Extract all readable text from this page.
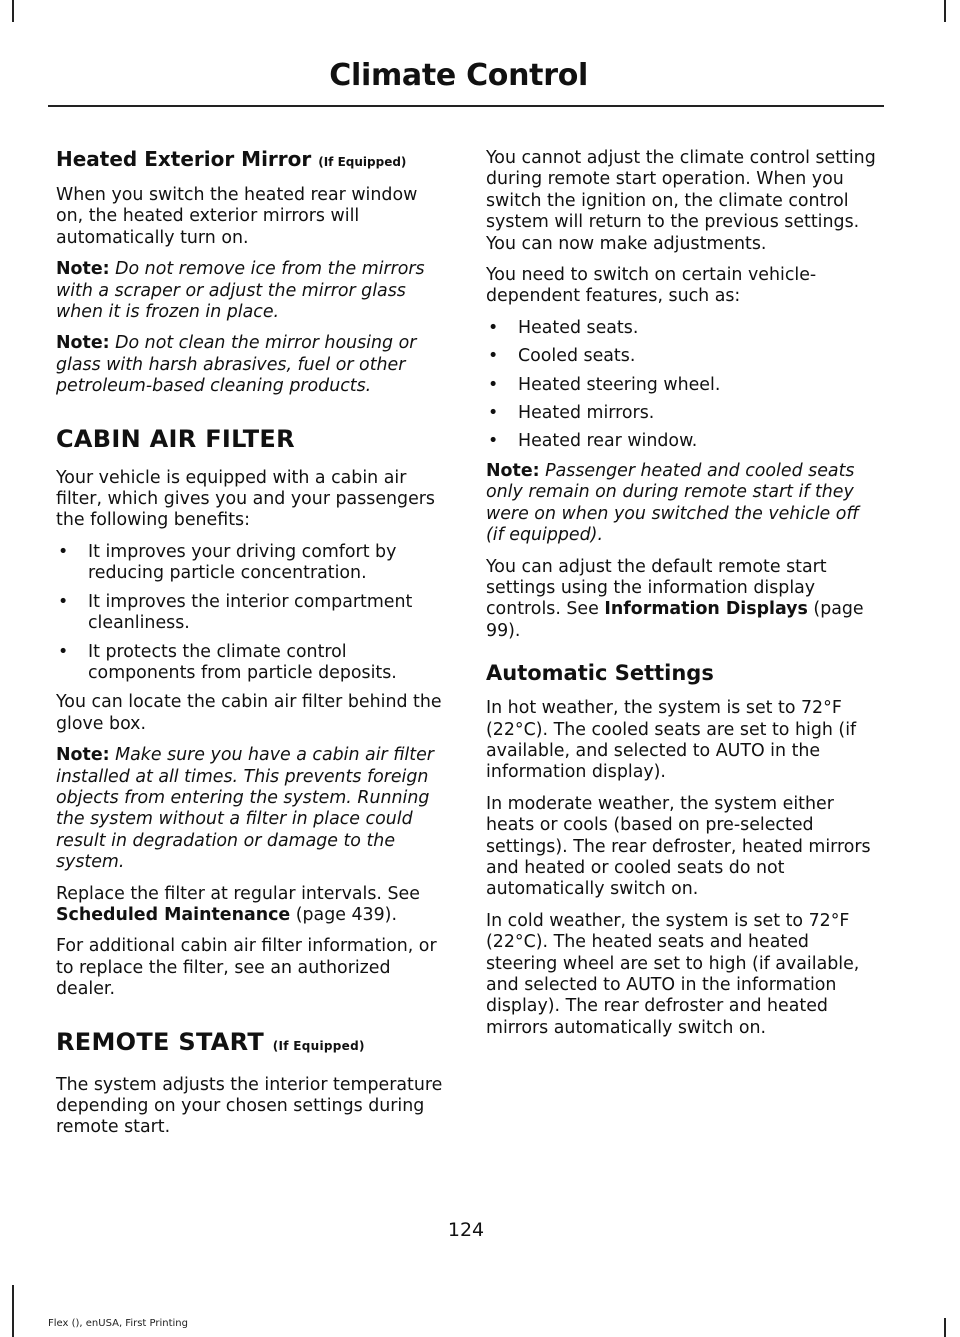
Climate Control
Heated Exterior Mirror (If Equipped)

When you switch the heated rear window on, the heated exterior mirrors will automatically turn on.

Note: Do not remove ice from the mirrors with a scraper or adjust the mirror glass when it is frozen in place.

Note: Do not clean the mirror housing or glass with harsh abrasives, fuel or other petroleum-based cleaning products.

CABIN AIR FILTER

Your vehicle is equipped with a cabin air filter, which gives you and your passengers the following benefits:

• It improves your driving comfort by reducing particle concentration.
• It improves the interior compartment cleanliness.
• It protects the climate control components from particle deposits.

You can locate the cabin air filter behind the glove box.

Note: Make sure you have a cabin air filter installed at all times. This prevents foreign objects from entering the system. Running the system without a filter in place could result in degradation or damage to the system.

Replace the filter at regular intervals. See Scheduled Maintenance (page 439).

For additional cabin air filter information, or to replace the filter, see an authorized dealer.

REMOTE START (If Equipped)

The system adjusts the interior temperature depending on your chosen settings during remote start.

You cannot adjust the climate control setting during remote start operation. When you switch the ignition on, the climate control system will return to the previous settings. You can now make adjustments.

You need to switch on certain vehicle-dependent features, such as:

• Heated seats.
• Cooled seats.
• Heated steering wheel.
• Heated mirrors.
• Heated rear window.

Note: Passenger heated and cooled seats only remain on during remote start if they were on when you switched the vehicle off (if equipped).

You can adjust the default remote start settings using the information display controls. See Information Displays (page 99).

Automatic Settings

In hot weather, the system is set to 72°F (22°C). The cooled seats are set to high (if available, and selected to AUTO in the information display).

In moderate weather, the system either heats or cools (based on pre-selected settings). The rear defroster, heated mirrors and heated or cooled seats do not automatically switch on.

In cold weather, the system is set to 72°F (22°C). The heated seats and heated steering wheel are set to high (if available, and selected to AUTO in the information display). The rear defroster and heated mirrors automatically switch on.

124
Flex (), enUSA, First Printing
